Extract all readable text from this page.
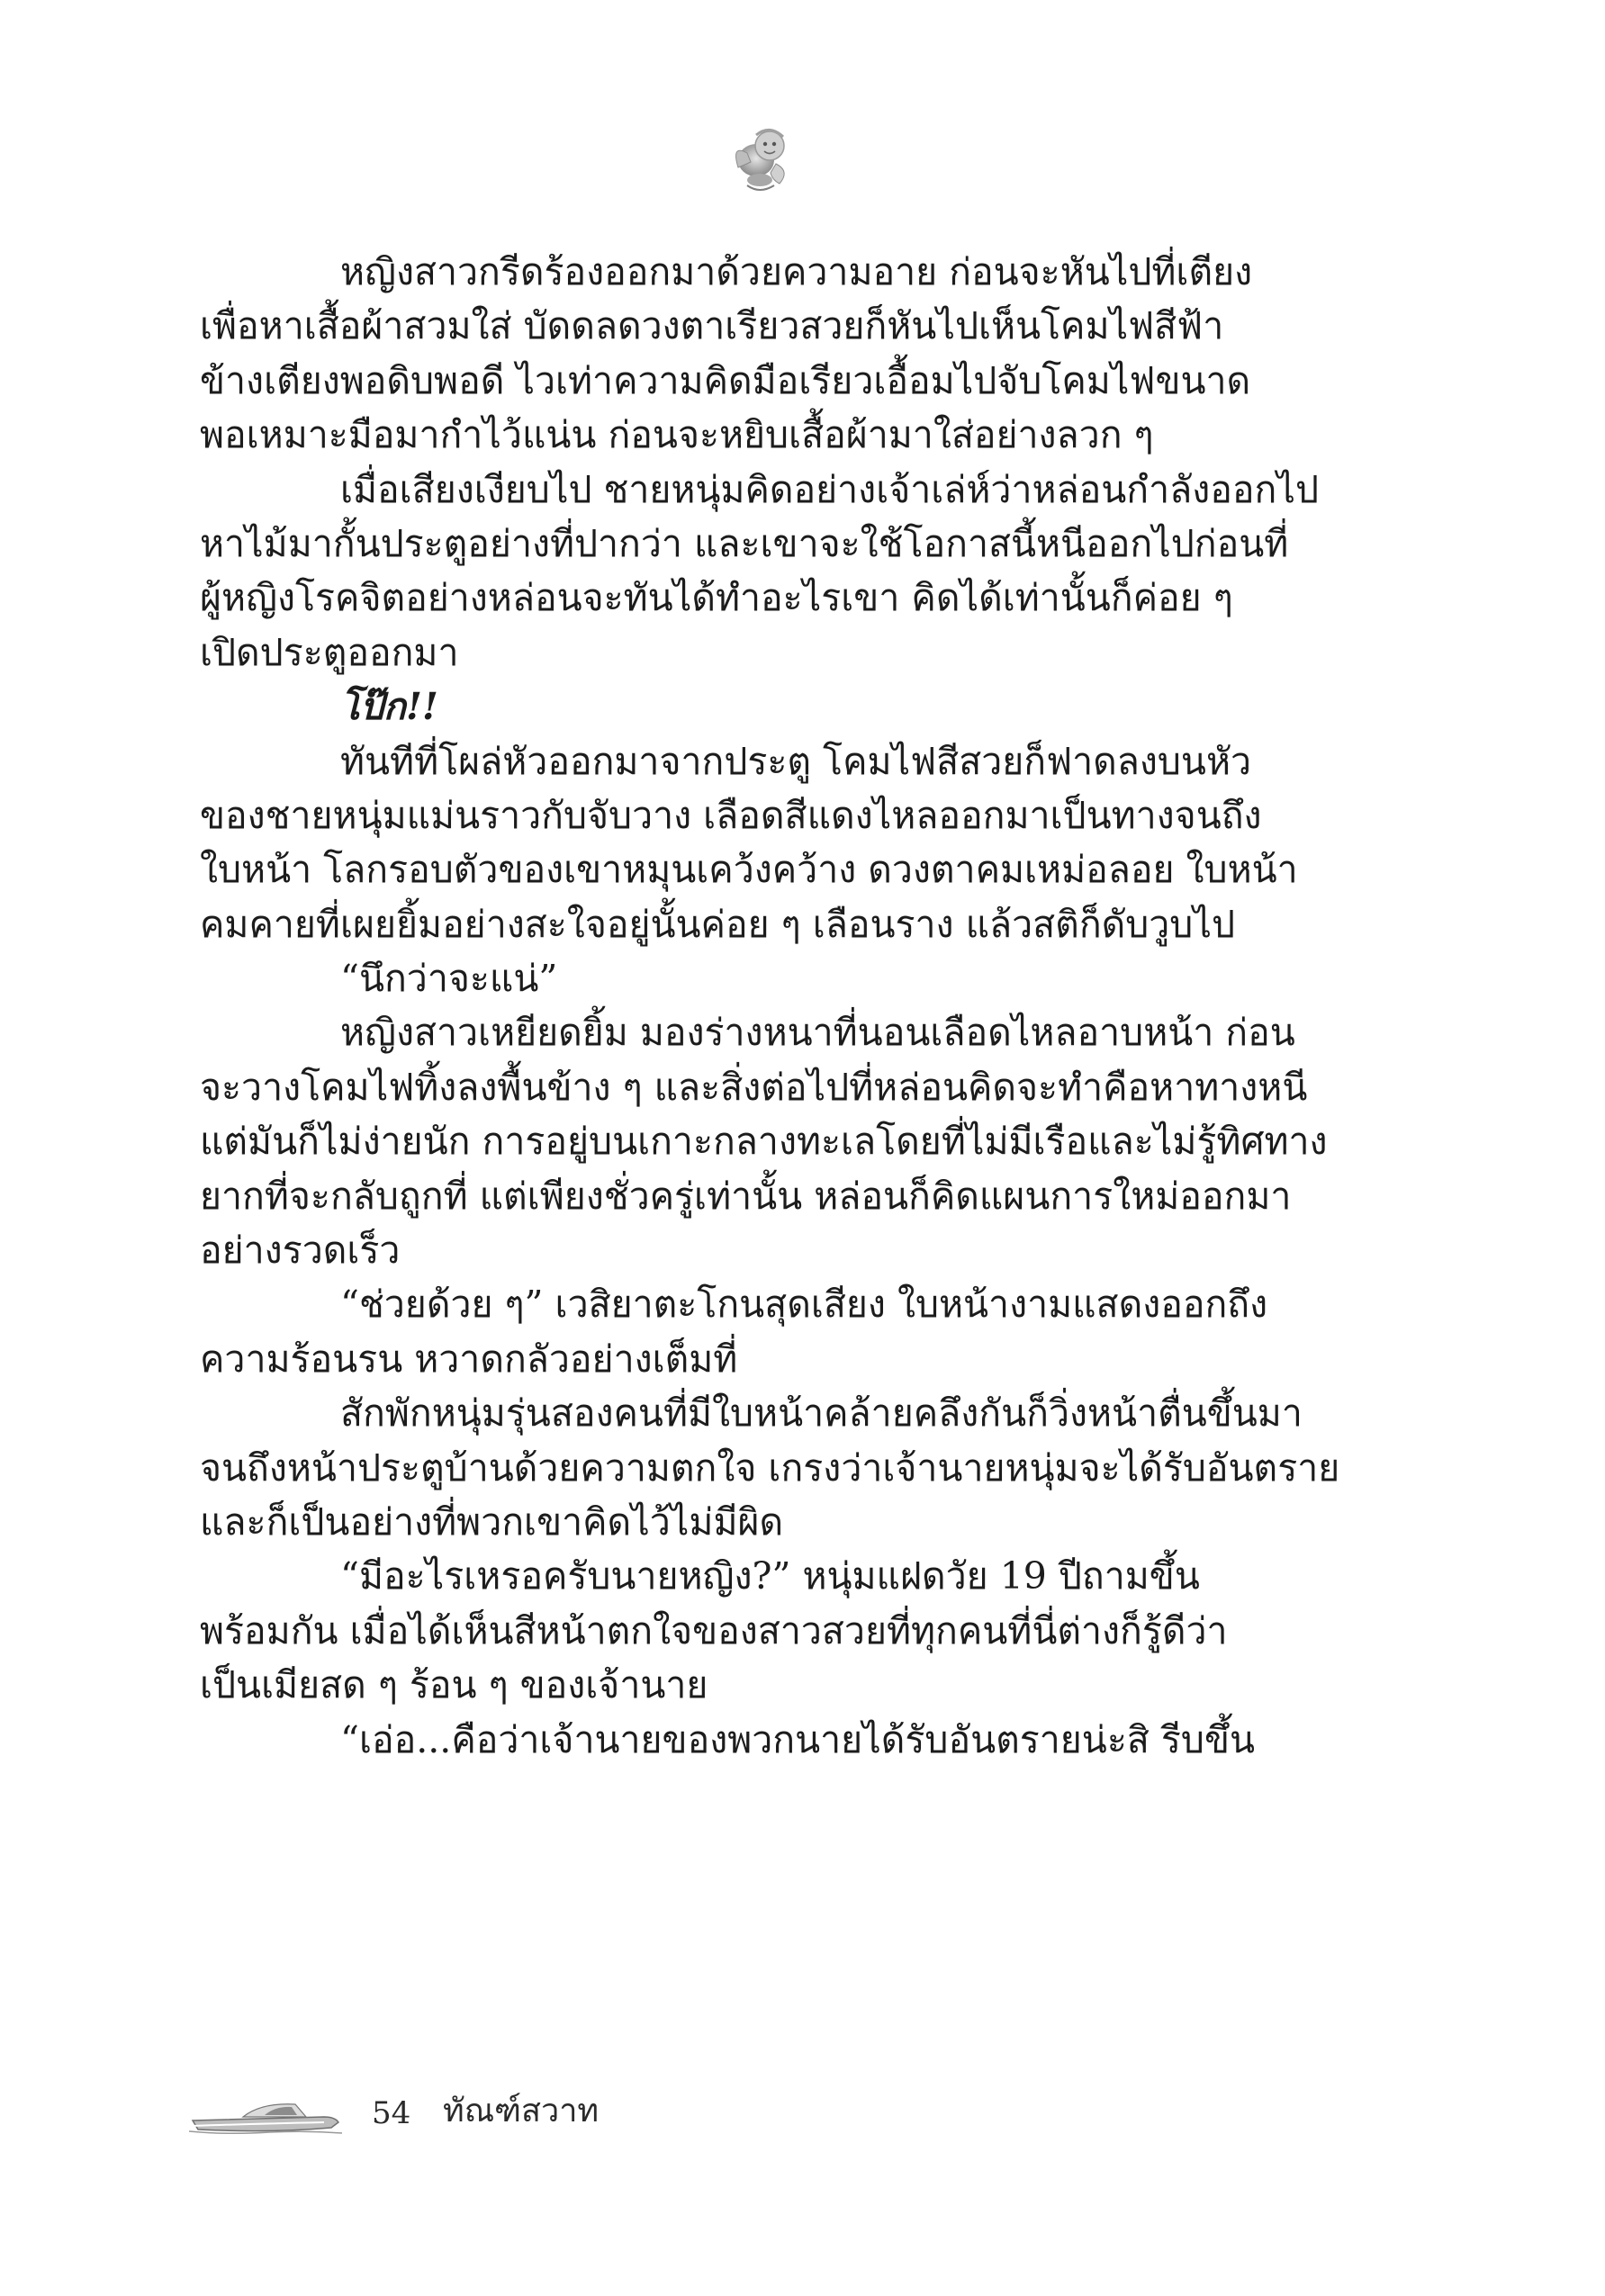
หญิงสาวกรีดร้องออกมาด้วยความอาย ก่อนจะหันไปที่เตียง
เพื่อหาเสื้อผ้าสวมใส่ บัดดลดวงตาเรียวสวยก็หันไปเห็นโคมไฟสีฟ้า
ข้างเตียงพอดิบพอดี ไวเท่าความคิดมือเรียวเอื้อมไปจับโคมไฟขนาด
พอเหมาะมือมากำไว้แน่น ก่อนจะหยิบเสื้อผ้ามาใส่อย่างลวก ๆ
เมื่อเสียงเงียบไป ชายหนุ่มคิดอย่างเจ้าเล่ห์ว่าหล่อนกำลังออกไป
หาไม้มากั้นประตูอย่างที่ปากว่า และเขาจะใช้โอกาสนี้หนีออกไปก่อนที่
ผู้หญิงโรคจิตอย่างหล่อนจะทันได้ทำอะไรเขา คิดได้เท่านั้นก็ค่อย ๆ
เปิดประตูออกมา
โป๊ก!!
ทันทีที่โผล่หัวออกมาจากประตู โคมไฟสีสวยก็ฟาดลงบนหัว
ของชายหนุ่มแม่นราวกับจับวาง เลือดสีแดงไหลออกมาเป็นทางจนถึง
ใบหน้า โลกรอบตัวของเขาหมุนเคว้งคว้าง ดวงตาคมเหม่อลอย ใบหน้า
คมคายที่เผยยิ้มอย่างสะใจอยู่นั้นค่อย ๆ เลือนราง แล้วสติก็ดับวูบไป
“นึกว่าจะแน่”
หญิงสาวเหยียดยิ้ม มองร่างหนาที่นอนเลือดไหลอาบหน้า ก่อน
จะวางโคมไฟทิ้งลงพื้นข้าง ๆ และสิ่งต่อไปที่หล่อนคิดจะทำคือหาทางหนี
แต่มันก็ไม่ง่ายนัก การอยู่บนเกาะกลางทะเลโดยที่ไม่มีเรือและไม่รู้ทิศทาง
ยากที่จะกลับถูกที่ แต่เพียงชั่วครู่เท่านั้น หล่อนก็คิดแผนการใหม่ออกมา
อย่างรวดเร็ว
“ช่วยด้วย ๆ” เวสิยาตะโกนสุดเสียง ใบหน้างามแสดงออกถึง
ความร้อนรน หวาดกลัวอย่างเต็มที่
สักพักหนุ่มรุ่นสองคนที่มีใบหน้าคล้ายคลึงกันก็วิ่งหน้าตื่นขึ้นมา
จนถึงหน้าประตูบ้านด้วยความตกใจ เกรงว่าเจ้านายหนุ่มจะได้รับอันตราย
และก็เป็นอย่างที่พวกเขาคิดไว้ไม่มีผิด
“มีอะไรเหรอครับนายหญิง?” หนุ่มแฝดวัย 19 ปีถามขึ้น
พร้อมกัน เมื่อได้เห็นสีหน้าตกใจของสาวสวยที่ทุกคนที่นี่ต่างก็รู้ดีว่า
เป็นเมียสด ๆ ร้อน ๆ ของเจ้านาย
“เอ่อ...คือว่าเจ้านายของพวกนายได้รับอันตรายน่ะสิ รีบขึ้น
54 ทัณฑ์สวาท
